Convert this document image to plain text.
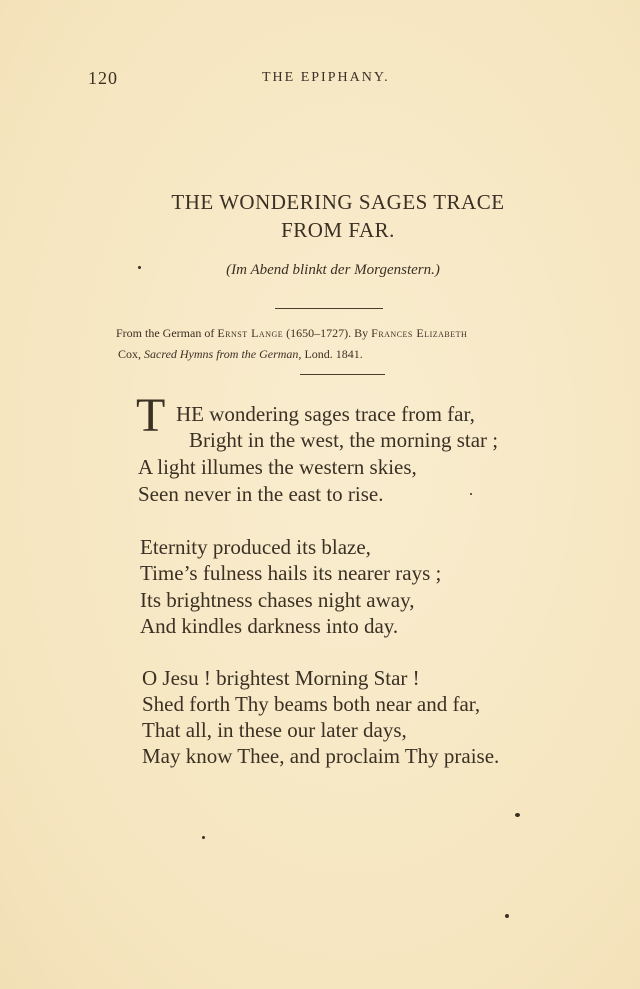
120	THE EPIPHANY.
THE WONDERING SAGES TRACE
FROM FAR.
(Im Abend blinkt der Morgenstern.)
From the German of Ernst Lange (1650–1727). By Frances Elizabeth
Cox, Sacred Hymns from the German, Lond. 1841.
T HE wondering sages trace from far,
Bright in the west, the morning star ;
A light illumes the western skies,
Seen never in the east to rise.
Eternity produced its blaze,
Time’s fulness hails its nearer rays ;
Its brightness chases night away,
And kindles darkness into day.
O Jesu ! brightest Morning Star !
Shed forth Thy beams both near and far,
That all, in these our later days,
May know Thee, and proclaim Thy praise.
